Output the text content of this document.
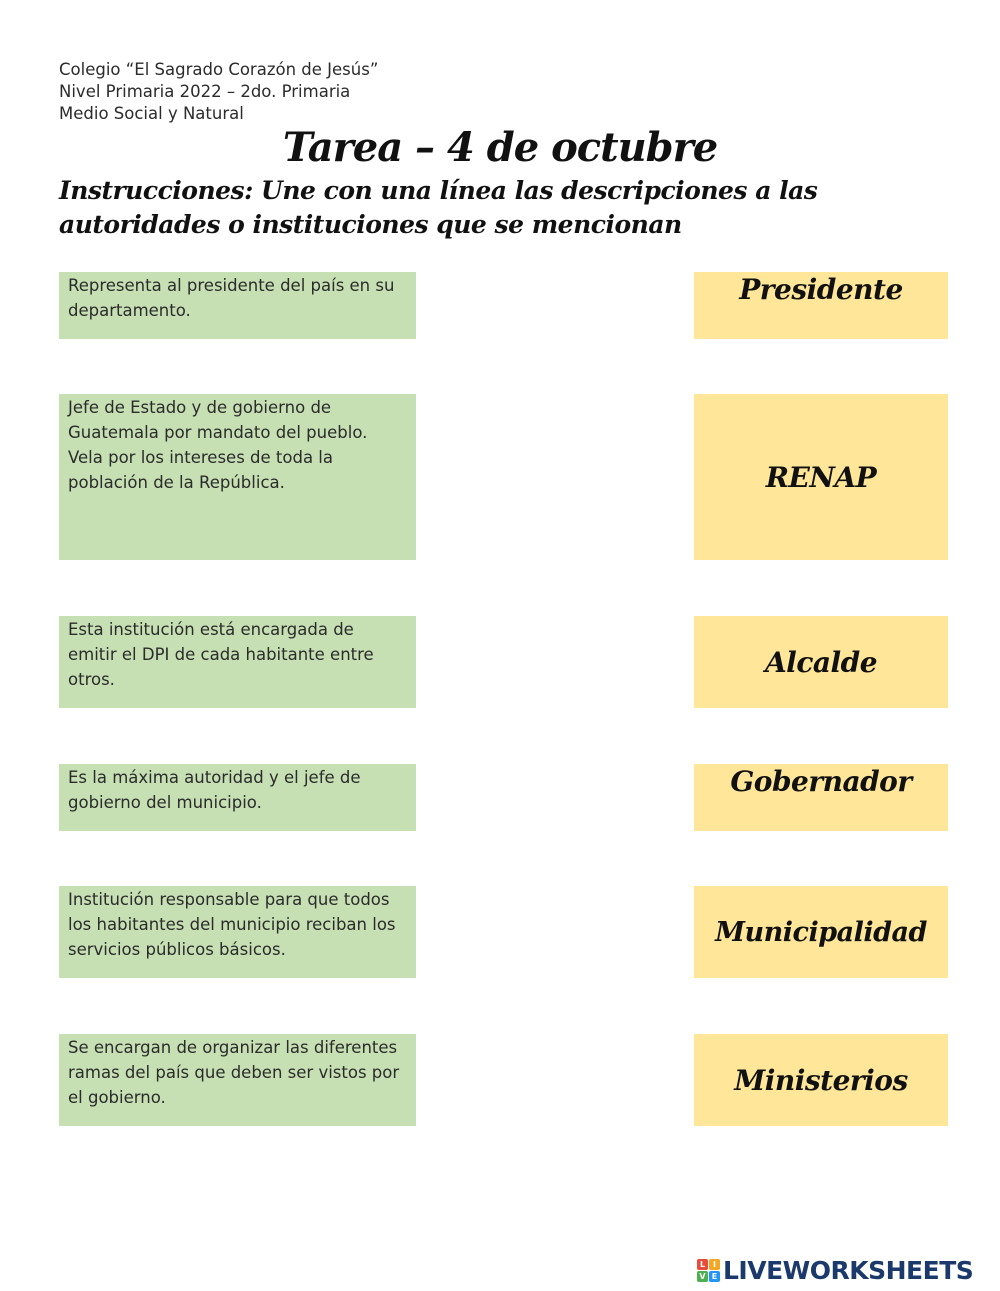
Colegio “El Sagrado Corazón de Jesús”
Nivel Primaria 2022 – 2do. Primaria
Medio Social y Natural
Tarea – 4 de octubre
Instrucciones: Une con una línea las descripciones a las autoridades o instituciones que se mencionan
Representa al presidente del país en su departamento.
Jefe de Estado y de gobierno de Guatemala por mandato del pueblo. Vela por los intereses de toda la población de la República.
Esta institución está encargada de emitir el DPI de cada habitante entre otros.
Es la máxima autoridad y el jefe de gobierno del municipio.
Institución responsable para que todos los habitantes del municipio reciban los servicios públicos básicos.
Se encargan de organizar las diferentes ramas del país que deben ser vistos por el gobierno.
Presidente
RENAP
Alcalde
Gobernador
Municipalidad
Ministerios
L I
V E LIVEWORKSHEETS
